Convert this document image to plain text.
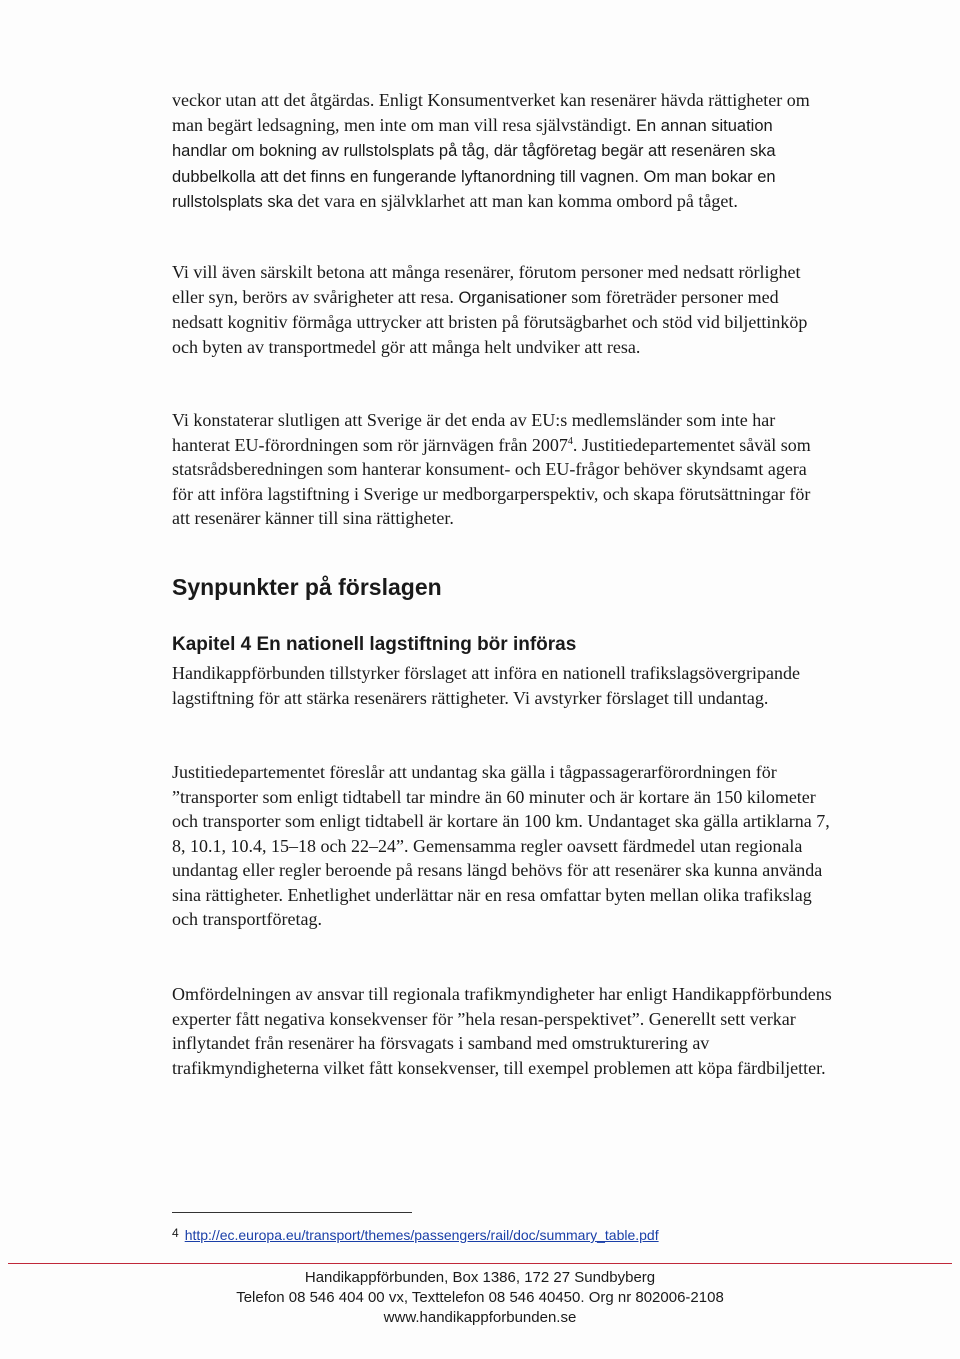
veckor utan att det åtgärdas. Enligt Konsumentverket kan resenärer hävda rättigheter om man begärt ledsagning, men inte om man vill resa självständigt. En annan situation handlar om bokning av rullstolsplats på tåg, där tågföretag begär att resenären ska dubbelkolla att det finns en fungerande lyftanordning till vagnen. Om man bokar en rullstolsplats ska det vara en självklarhet att man kan komma ombord på tåget.

Vi vill även särskilt betona att många resenärer, förutom personer med nedsatt rörlighet eller syn, berörs av svårigheter att resa. Organisationer som företräder personer med nedsatt kognitiv förmåga uttrycker att bristen på förutsägbarhet och stöd vid biljettinköp och byten av transportmedel gör att många helt undviker att resa.

Vi konstaterar slutligen att Sverige är det enda av EU:s medlemsländer som inte har hanterat EU-förordningen som rör järnvägen från 2007$^4$. Justitiedepartementet såväl som statsrådsberedningen som hanterar konsument- och EU-frågor behöver skyndsamt agera för att införa lagstiftning i Sverige ur medborgarperspektiv, och skapa förutsättningar för att resenärer känner till sina rättigheter.

Synpunkter på förslagen
Kapitel 4 En nationell lagstiftning bör införas

Handikappförbunden tillstyrker förslaget att införa en nationell trafikslagsövergripande lagstiftning för att stärka resenärers rättigheter. Vi avstyrker förslaget till undantag.

Justitiedepartementet föreslår att undantag ska gälla i tågpassagerarförordningen för ”transporter som enligt tidtabell tar mindre än 60 minuter och är kortare än 150 kilometer och transporter som enligt tidtabell är kortare än 100 km. Undantaget ska gälla artiklarna 7, 8, 10.1, 10.4, 15–18 och 22–24”. Gemensamma regler oavsett färdmedel utan regionala undantag eller regler beroende på resans längd behövs för att resenärer ska kunna använda sina rättigheter. Enhetlighet underlättar när en resa omfattar byten mellan olika trafikslag och transportföretag.

Omfördelningen av ansvar till regionala trafikmyndigheter har enligt Handikappförbundens experter fått negativa konsekvenser för ”hela resan-perspektivet”. Generellt sett verkar inflytandet från resenärer ha försvagats i samband med omstrukturering av trafikmyndigheterna vilket fått konsekvenser, till exempel problemen att köpa färdbiljetter.

4 http://ec.europa.eu/transport/themes/passengers/rail/doc/summary_table.pdf
Handikappförbunden, Box 1386, 172 27 Sundbyberg
Telefon 08 546 404 00 vx, Texttelefon 08 546 40450. Org nr 802006-2108
www.handikappforbunden.se
